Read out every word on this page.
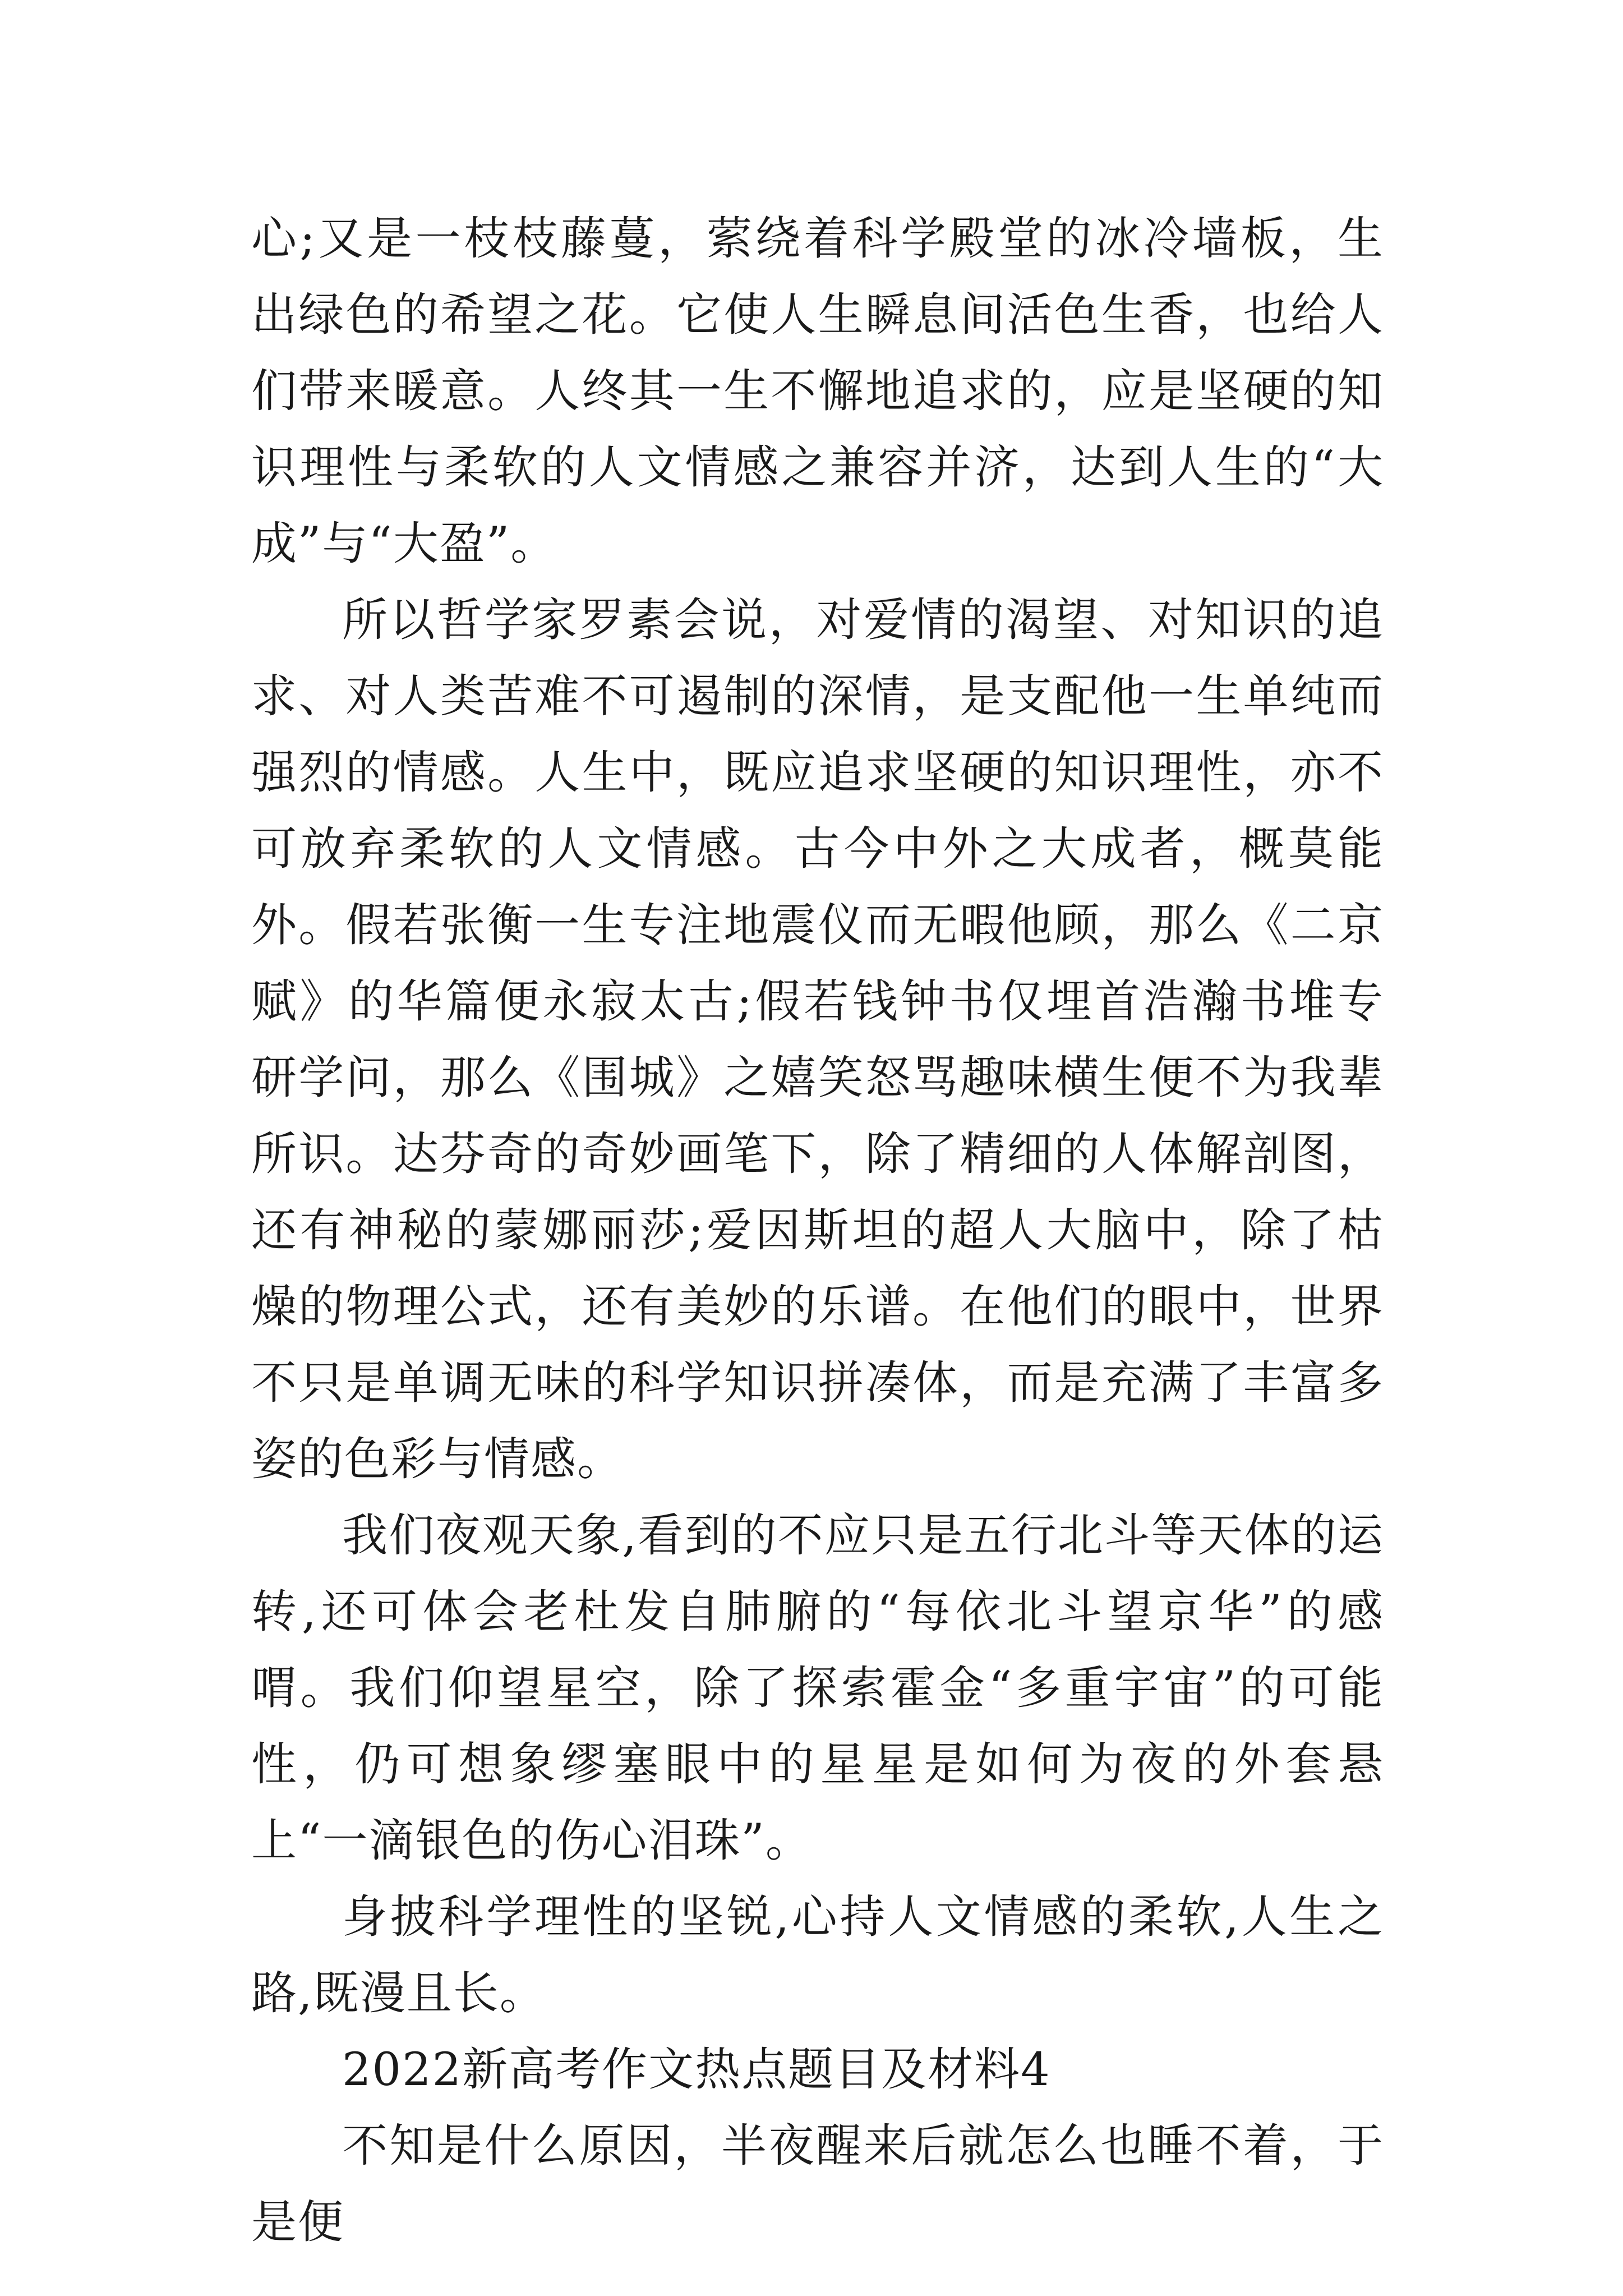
心;又是一枝枝藤蔓，萦绕着科学殿堂的冰冷墙板，生出绿色的希望之花。它使人生瞬息间活色生香，也给人们带来暖意。人终其一生不懈地追求的，应是坚硬的知识理性与柔软的人文情感之兼容并济，达到人生的“大成”与“大盈”。

所以哲学家罗素会说，对爱情的渴望、对知识的追求、对人类苦难不可遏制的深情，是支配他一生单纯而强烈的情感。人生中，既应追求坚硬的知识理性，亦不可放弃柔软的人文情感。古今中外之大成者，概莫能外。假若张衡一生专注地震仪而无暇他顾，那么《二京赋》的华篇便永寂太古;假若钱钟书仅埋首浩瀚书堆专研学问，那么《围城》之嬉笑怒骂趣味横生便不为我辈所识。达芬奇的奇妙画笔下，除了精细的人体解剖图，还有神秘的蒙娜丽莎;爱因斯坦的超人大脑中，除了枯燥的物理公式，还有美妙的乐谱。在他们的眼中，世界不只是单调无味的科学知识拼凑体，而是充满了丰富多姿的色彩与情感。

我们夜观天象,看到的不应只是五行北斗等天体的运转,还可体会老杜发自肺腑的“每依北斗望京华”的感喟。我们仰望星空，除了探索霍金“多重宇宙”的可能性，仍可想象缪塞眼中的星星是如何为夜的外套悬上“一滴银色的伤心泪珠”。

身披科学理性的坚锐,心持人文情感的柔软,人生之路,既漫且长。

2022新高考作文热点题目及材料4

不知是什么原因，半夜醒来后就怎么也睡不着，于是便
